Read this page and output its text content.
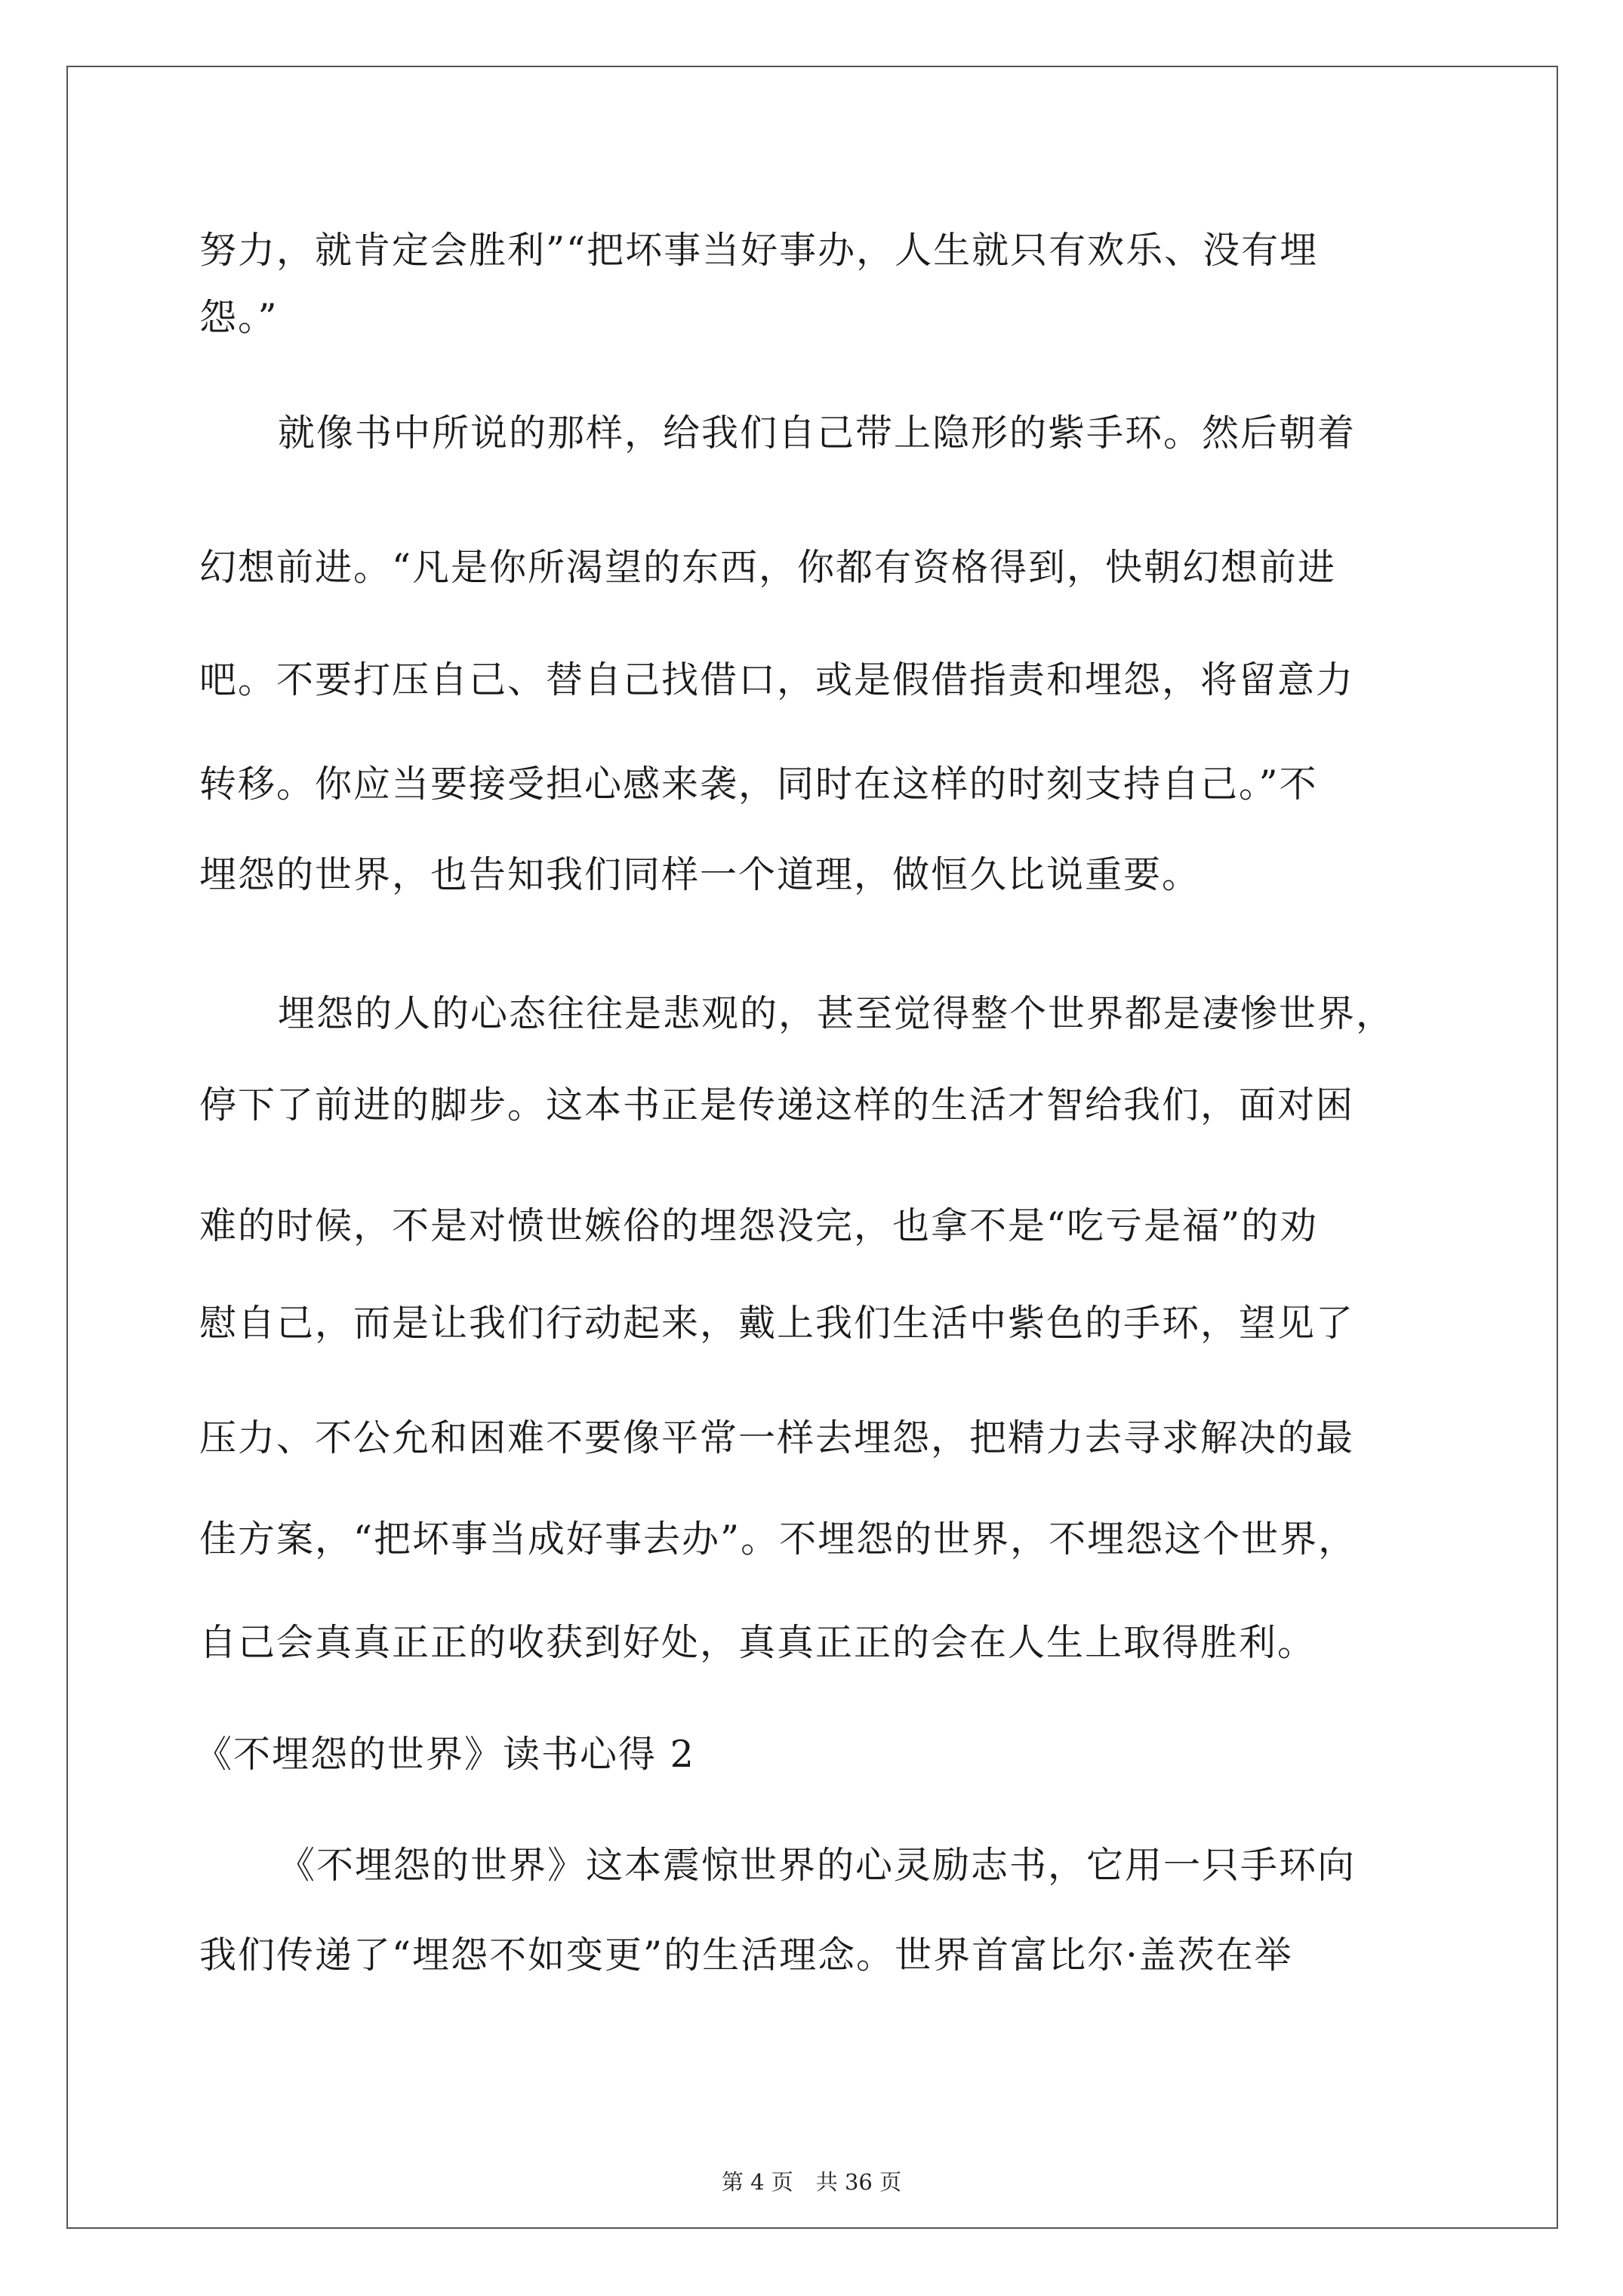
努力，就肯定会胜利”“把坏事当好事办，人生就只有欢乐、没有埋
怨。”
就像书中所说的那样，给我们自己带上隐形的紫手环。然后朝着
幻想前进。“凡是你所渴望的东西，你都有资格得到，快朝幻想前进
吧。不要打压自己、替自己找借口，或是假借指责和埋怨，将留意力
转移。你应当要接受担心感来袭，同时在这样的时刻支持自己。”不
埋怨的世界，也告知我们同样一个道理，做恒久比说重要。
埋怨的人的心态往往是悲观的，甚至觉得整个世界都是凄惨世界，
停下了前进的脚步。这本书正是传递这样的生活才智给我们，面对困
难的时候，不是对愤世嫉俗的埋怨没完，也拿不是“吃亏是福”的劝
慰自己，而是让我们行动起来，戴上我们生活中紫色的手环，望见了
压力、不公允和困难不要像平常一样去埋怨，把精力去寻求解决的最
佳方案，“把坏事当成好事去办”。不埋怨的世界，不埋怨这个世界，
自己会真真正正的收获到好处，真真正正的会在人生上取得胜利。
《不埋怨的世界》读书心得 2
《不埋怨的世界》这本震惊世界的心灵励志书，它用一只手环向
我们传递了“埋怨不如变更”的生活理念。世界首富比尔·盖茨在举
第 4 页 共 36 页
